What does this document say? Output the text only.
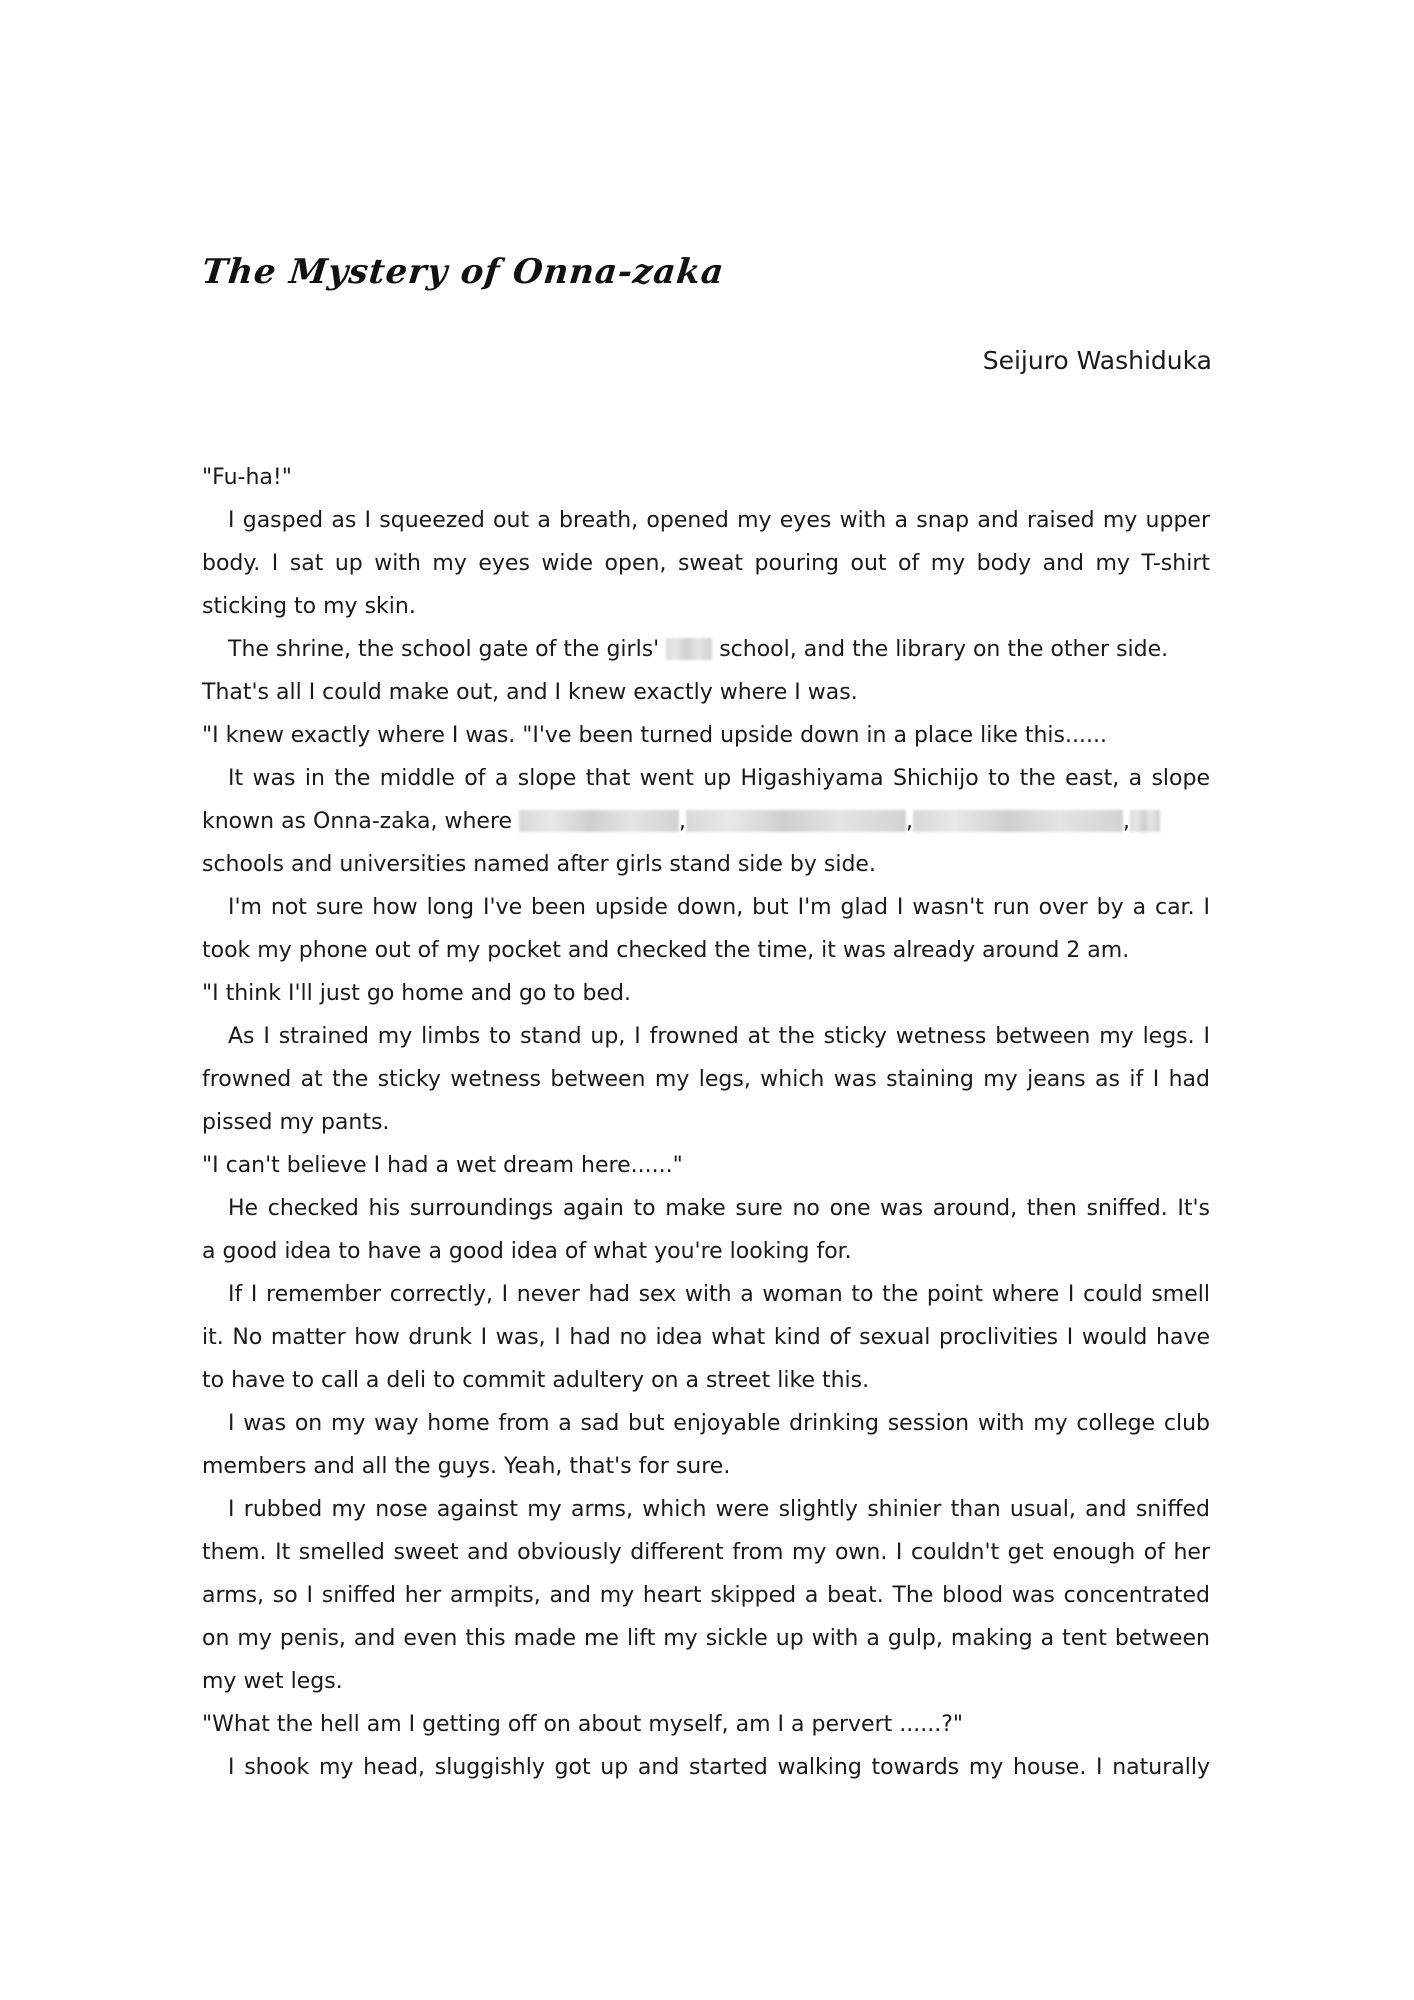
The Mystery of Onna-zaka
Seijuro Washiduka
"Fu-ha!"
I gasped as I squeezed out a breath, opened my eyes with a snap and raised my upper
body. I sat up with my eyes wide open, sweat pouring out of my body and my T-shirt
sticking to my skin.
The shrine, the school gate of the girls'  school, and the library on the other side.
That's all I could make out, and I knew exactly where I was.
"I knew exactly where I was. "I've been turned upside down in a place like this......
It was in the middle of a slope that went up Higashiyama Shichijo to the east, a slope
known as Onna-zaka, where	,	,	,
schools and universities named after girls stand side by side.
I'm not sure how long I've been upside down, but I'm glad I wasn't run over by a car. I
took my phone out of my pocket and checked the time, it was already around 2 am.
"I think I'll just go home and go to bed.
As I strained my limbs to stand up, I frowned at the sticky wetness between my legs. I
frowned at the sticky wetness between my legs, which was staining my jeans as if I had
pissed my pants.
"I can't believe I had a wet dream here......"
He checked his surroundings again to make sure no one was around, then sniffed. It's
a good idea to have a good idea of what you're looking for.
If I remember correctly, I never had sex with a woman to the point where I could smell
it. No matter how drunk I was, I had no idea what kind of sexual proclivities I would have
to have to call a deli to commit adultery on a street like this.
I was on my way home from a sad but enjoyable drinking session with my college club
members and all the guys. Yeah, that's for sure.
I rubbed my nose against my arms, which were slightly shinier than usual, and sniffed
them. It smelled sweet and obviously different from my own. I couldn't get enough of her
arms, so I sniffed her armpits, and my heart skipped a beat. The blood was concentrated
on my penis, and even this made me lift my sickle up with a gulp, making a tent between
my wet legs.
"What the hell am I getting off on about myself, am I a pervert ......?"
I shook my head, sluggishly got up and started walking towards my house. I naturally
